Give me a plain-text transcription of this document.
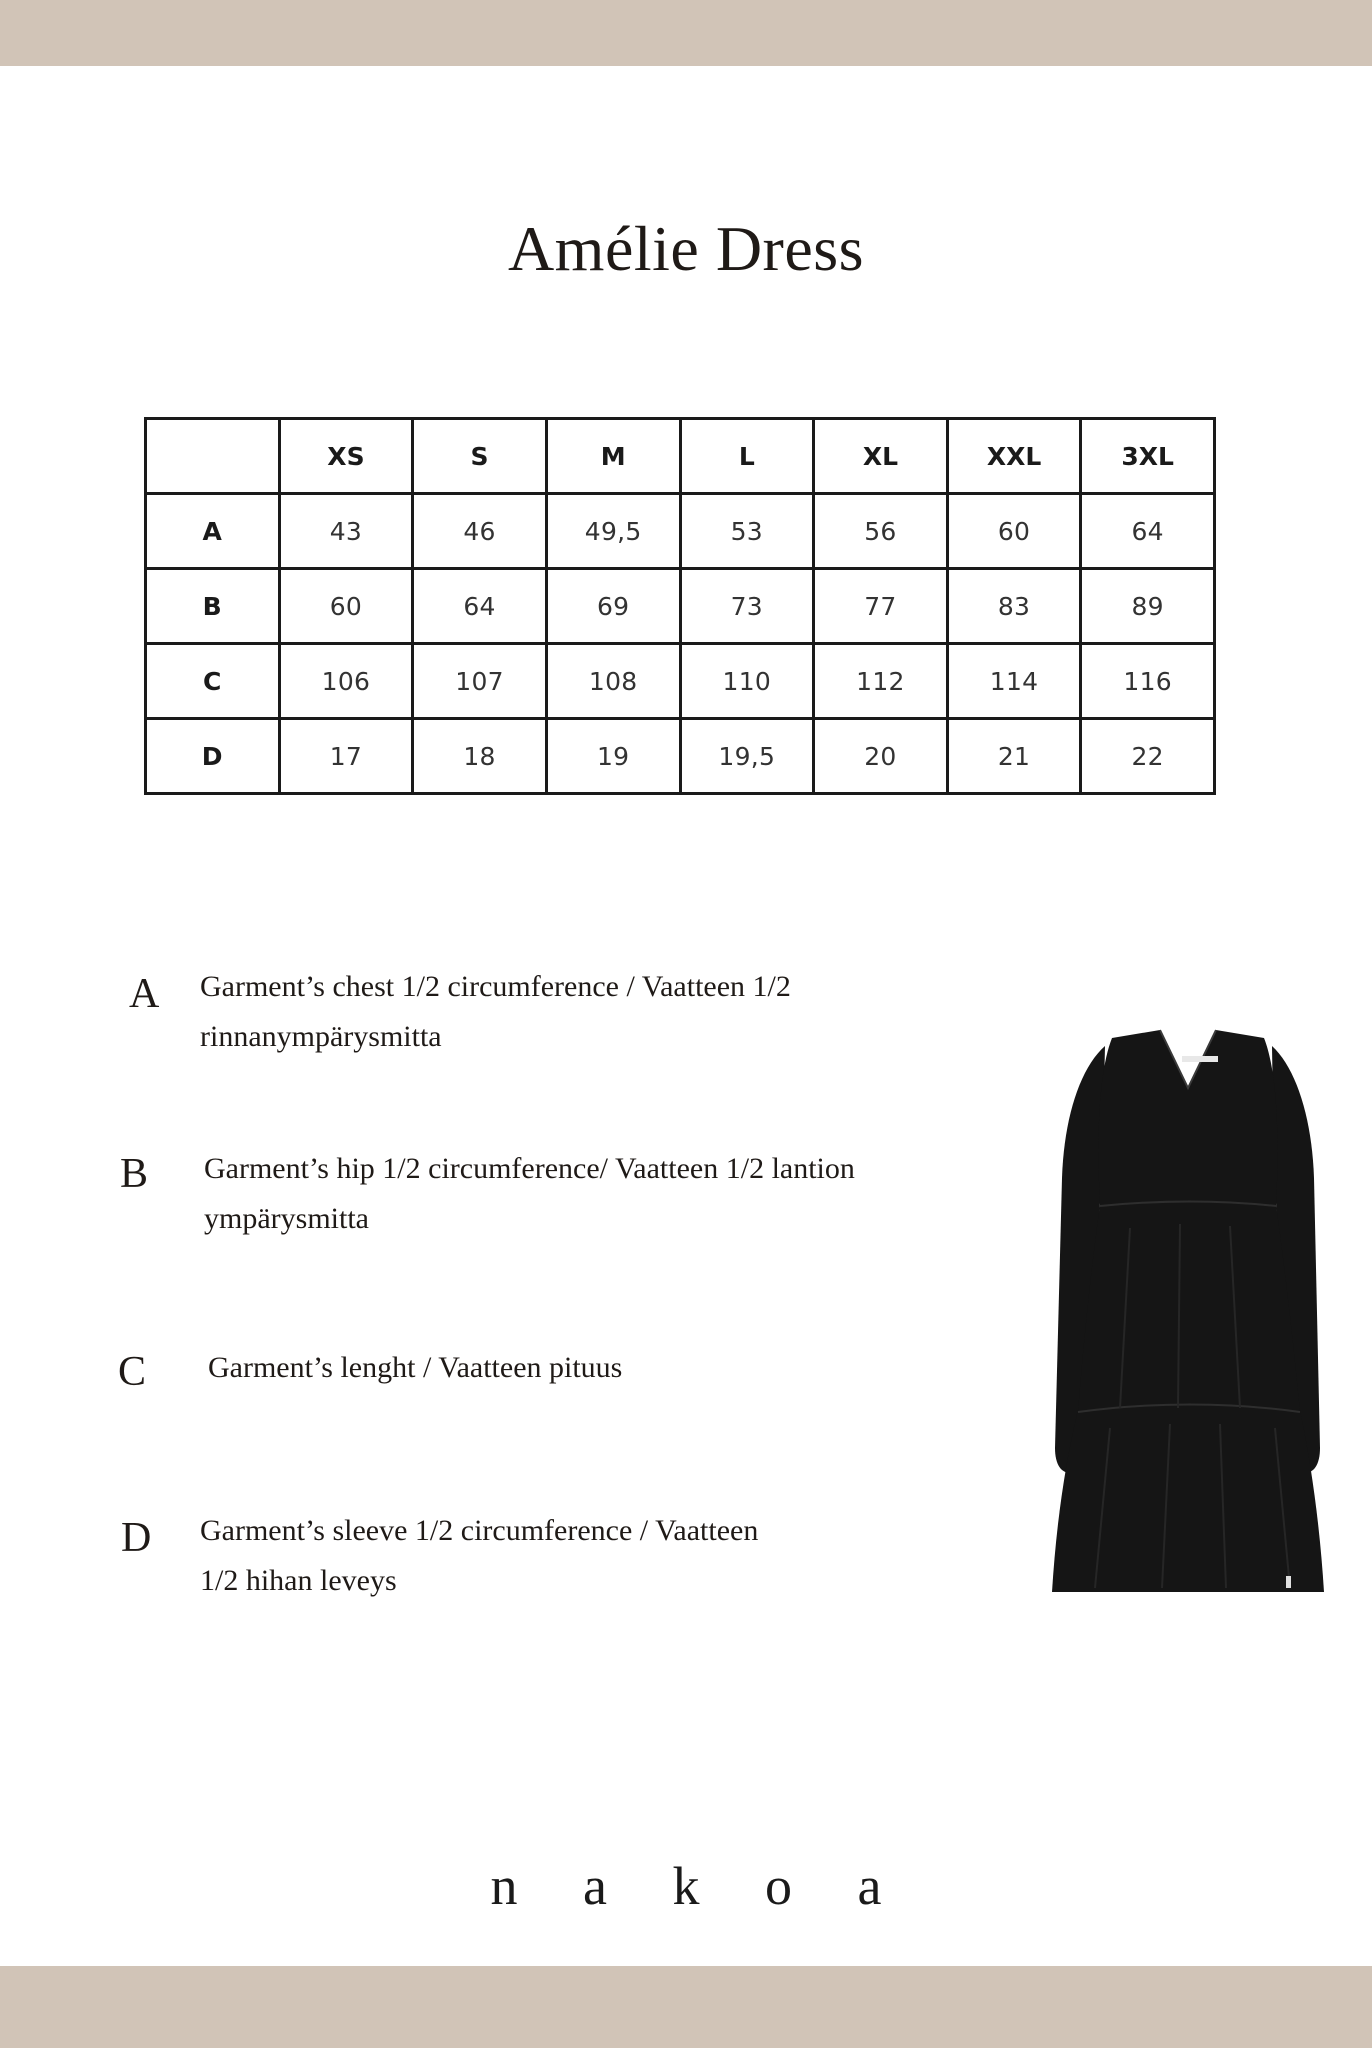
Amélie Dress
	XS	S	M	L	XL	XXL	3XL
A	43	46	49,5	53	56	60	64
B	60	64	69	73	77	83	89
C	106	107	108	110	112	114	116
D	17	18	19	19,5	20	21	22
A Garment’s chest 1/2 circumference / Vaatteen 1/2
rinnanympärysmitta

B Garment’s hip 1/2 circumference/ Vaatteen 1/2 lantion
ympärysmitta

C Garment’s lenght / Vaatteen pituus

D Garment’s sleeve 1/2 circumference / Vaatteen
1/2 hihan leveys

n a k o a
